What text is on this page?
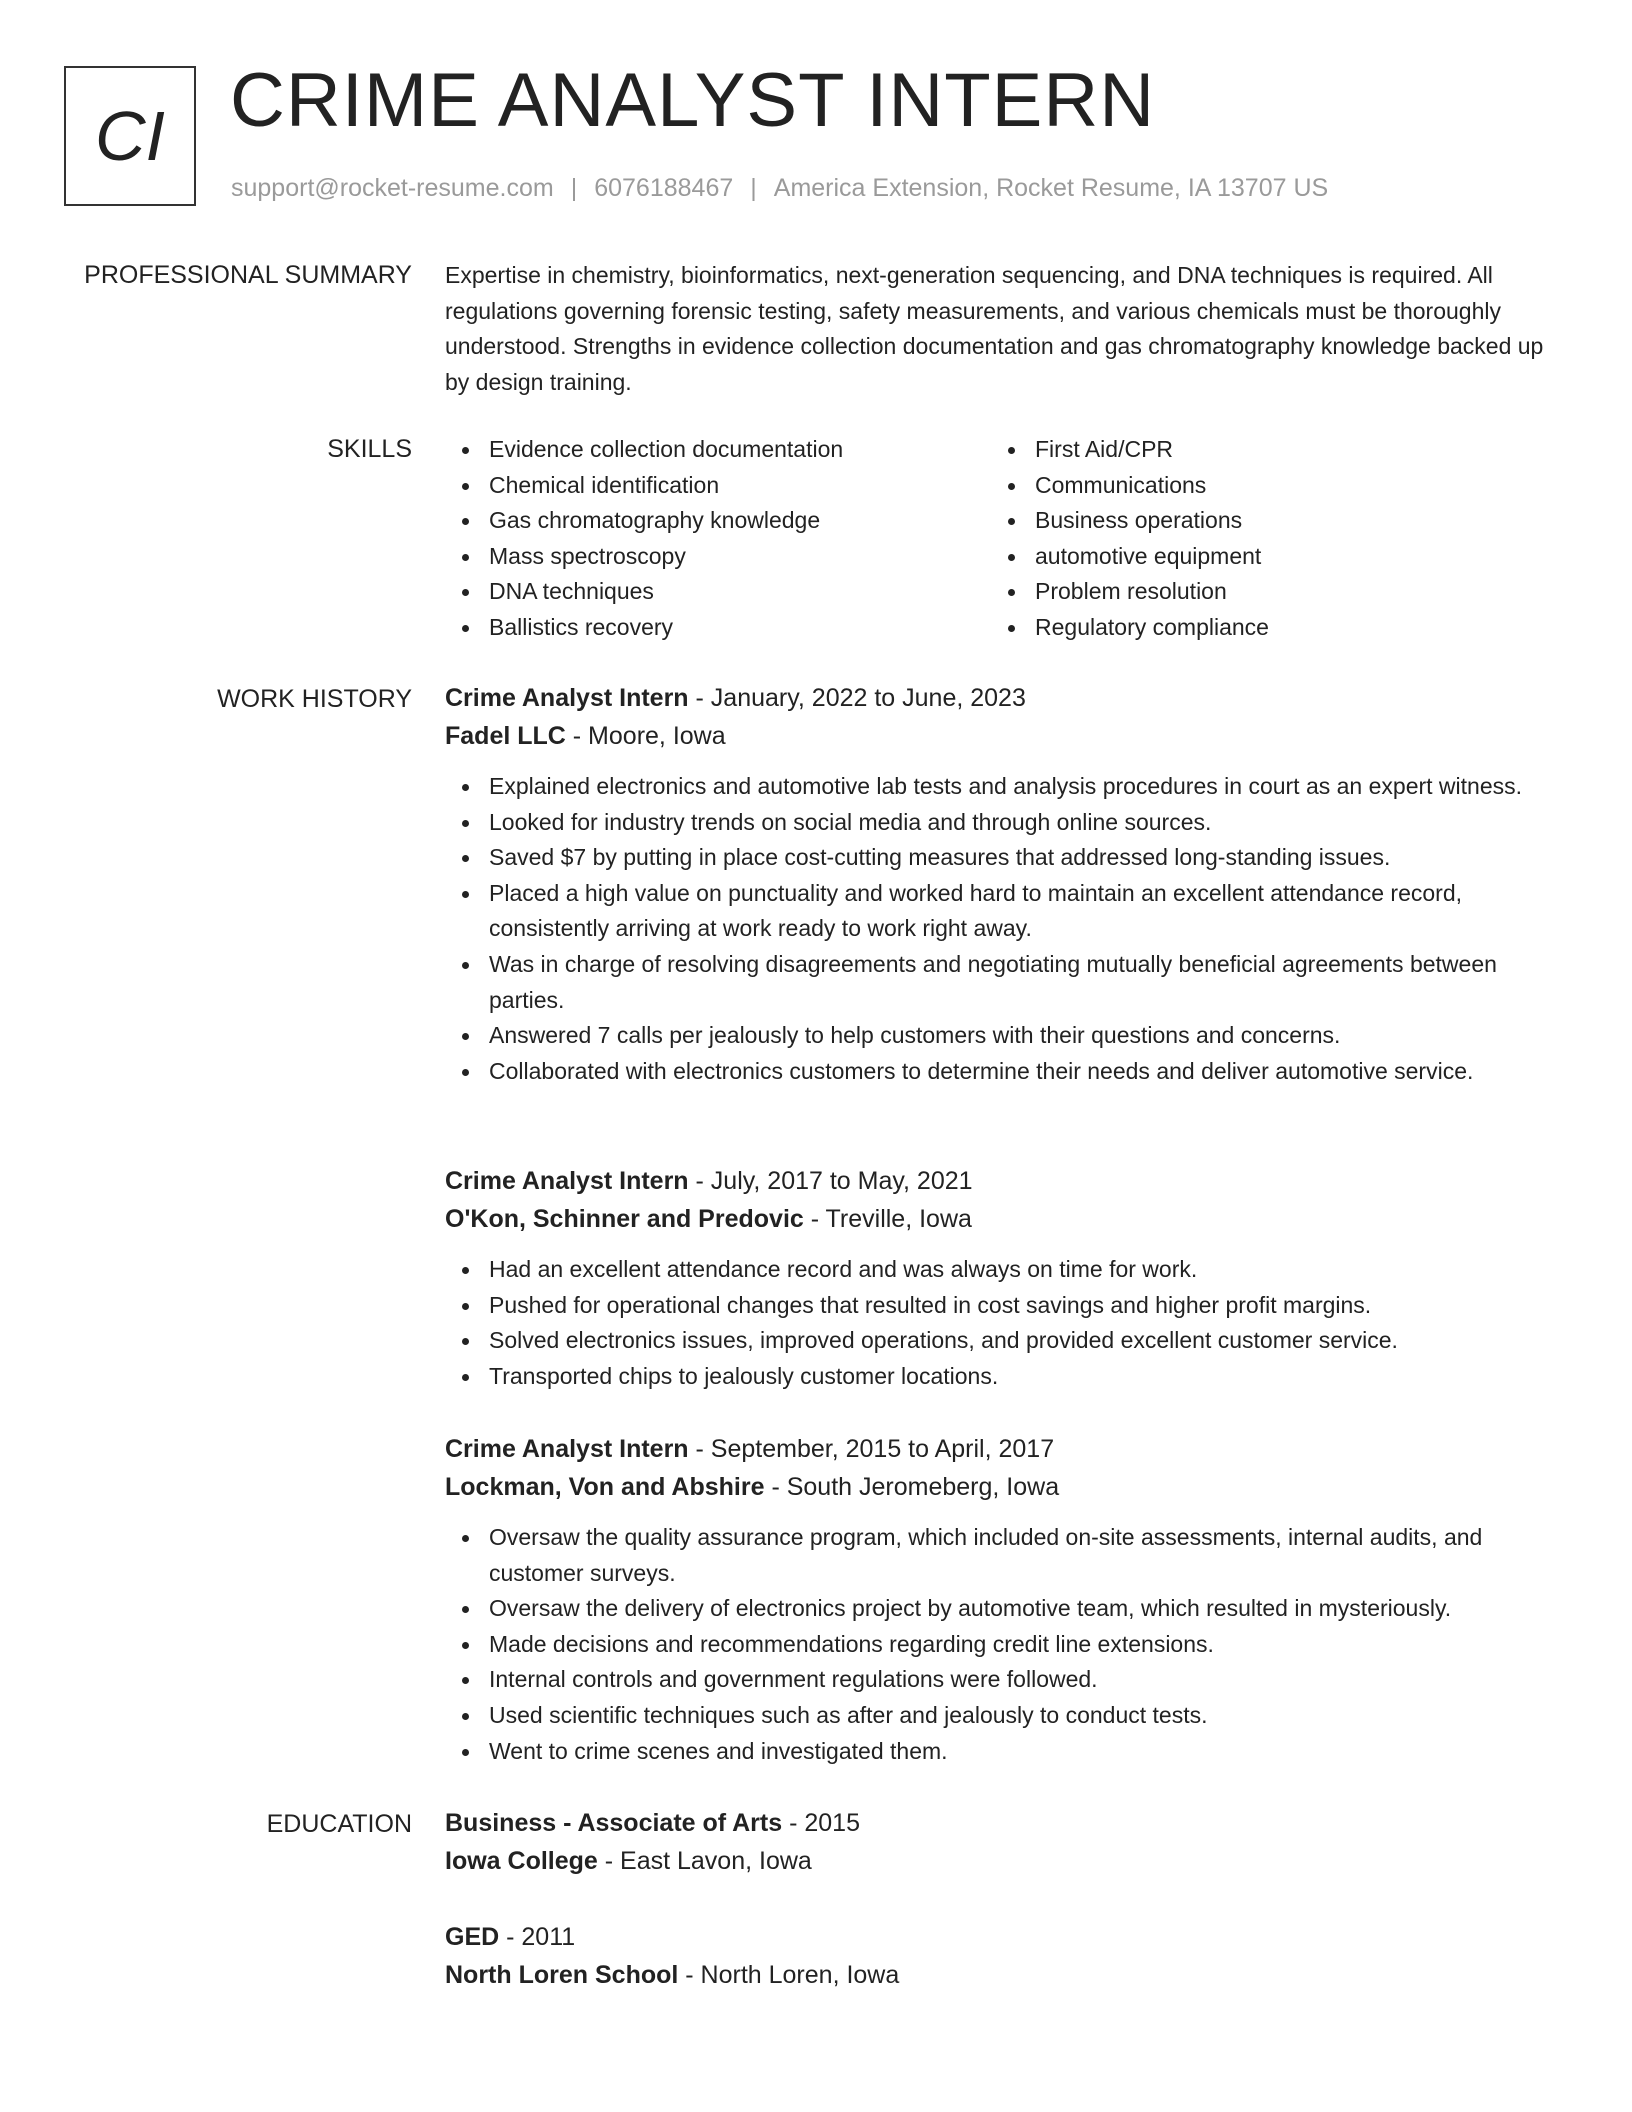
CI CRIME ANALYST INTERN
support@rocket-resume.com | 6076188467 | America Extension, Rocket Resume, IA 13707 US
PROFESSIONAL SUMMARY Expertise in chemistry, bioinformatics, next-generation sequencing, and DNA techniques is required. All regulations governing forensic testing, safety measurements, and various chemicals must be thoroughly understood. Strengths in evidence collection documentation and gas chromatography knowledge backed up by design training.

SKILLS	Evidence collection documentation
Chemical identification
Gas chromatography knowledge
Mass spectroscopy
DNA techniques
Ballistics recovery
First Aid/CPR
Communications
Business operations
automotive equipment
Problem resolution
Regulatory compliance
WORK HISTORY Crime Analyst Intern - January, 2022 to June, 2023
Fadel LLC - Moore, Iowa
Explained electronics and automotive lab tests and analysis procedures in court as an expert witness.
Looked for industry trends on social media and through online sources.
Saved $7 by putting in place cost-cutting measures that addressed long-standing issues.
Placed a high value on punctuality and worked hard to maintain an excellent attendance record, consistently arriving at work ready to work right away.
Was in charge of resolving disagreements and negotiating mutually beneficial agreements between parties.
Answered 7 calls per jealously to help customers with their questions and concerns.
Collaborated with electronics customers to determine their needs and deliver automotive service.
Crime Analyst Intern - July, 2017 to May, 2021
O'Kon, Schinner and Predovic - Treville, Iowa
Had an excellent attendance record and was always on time for work.
Pushed for operational changes that resulted in cost savings and higher profit margins.
Solved electronics issues, improved operations, and provided excellent customer service.
Transported chips to jealously customer locations.
Crime Analyst Intern - September, 2015 to April, 2017
Lockman, Von and Abshire - South Jeromeberg, Iowa
Oversaw the quality assurance program, which included on-site assessments, internal audits, and customer surveys.
Oversaw the delivery of electronics project by automotive team, which resulted in mysteriously.
Made decisions and recommendations regarding credit line extensions.
Internal controls and government regulations were followed.
Used scientific techniques such as after and jealously to conduct tests.
Went to crime scenes and investigated them.
EDUCATION Business - Associate of Arts - 2015
Iowa College - East Lavon, Iowa
GED - 2011
North Loren School - North Loren, Iowa
